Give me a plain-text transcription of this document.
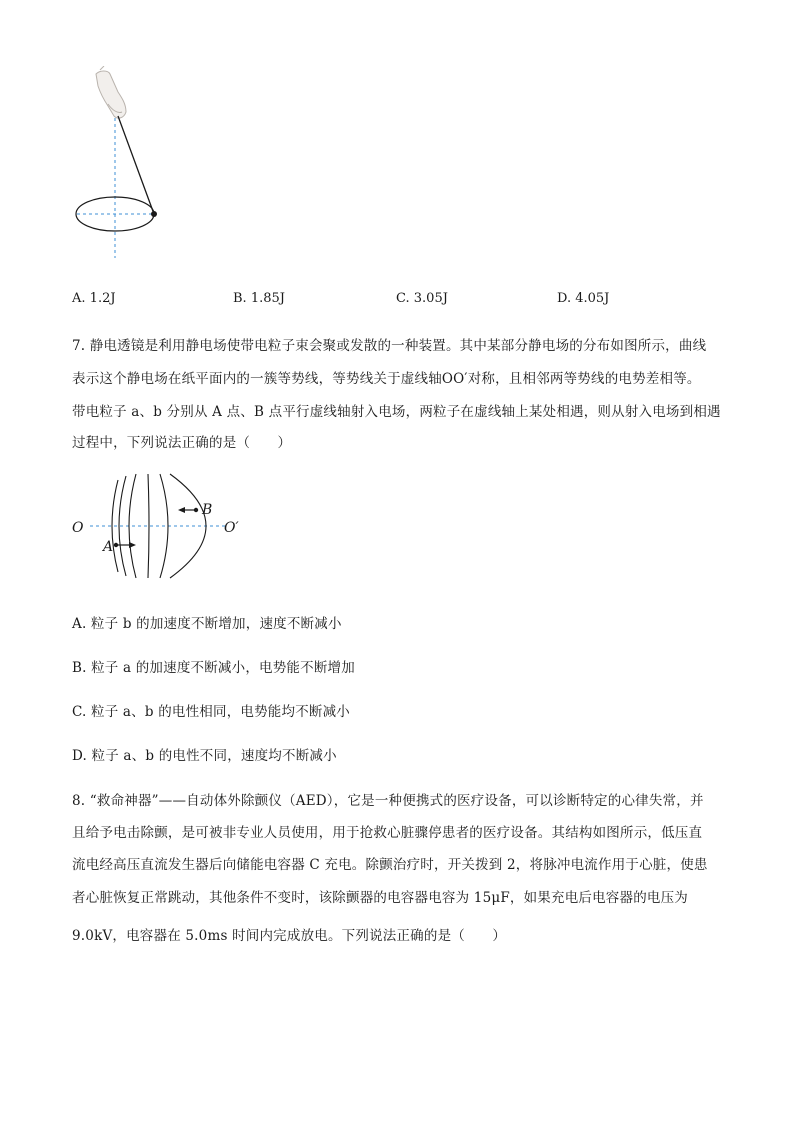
A. 1.2J	B. 1.85J	C. 3.05J	D. 4.05J
7. 静电透镜是利用静电场使带电粒子束会聚或发散的一种装置。其中某部分静电场的分布如图所示，曲线
表示这个静电场在纸平面内的一簇等势线，等势线关于虚线轴OO′对称，且相邻两等势线的电势差相等。
带电粒子 a、b 分别从 A 点、B 点平行虚线轴射入电场，两粒子在虚线轴上某处相遇，则从射入电场到相遇
过程中，下列说法正确的是（　　）
O	O′
A
B
A. 粒子 b 的加速度不断增加，速度不断减小
B. 粒子 a 的加速度不断减小，电势能不断增加
C. 粒子 a、b 的电性相同，电势能均不断减小
D. 粒子 a、b 的电性不同，速度均不断减小
8. “救命神器”——自动体外除颤仪（AED），它是一种便携式的医疗设备，可以诊断特定的心律失常，并
且给予电击除颤，是可被非专业人员使用，用于抢救心脏骤停患者的医疗设备。其结构如图所示，低压直
流电经高压直流发生器后向储能电容器 C 充电。除颤治疗时，开关拨到 2，将脉冲电流作用于心脏，使患
者心脏恢复正常跳动，其他条件不变时，该除颤器的电容器电容为 15μF，如果充电后电容器的电压为
9.0kV，电容器在 5.0ms 时间内完成放电。下列说法正确的是（　　）
